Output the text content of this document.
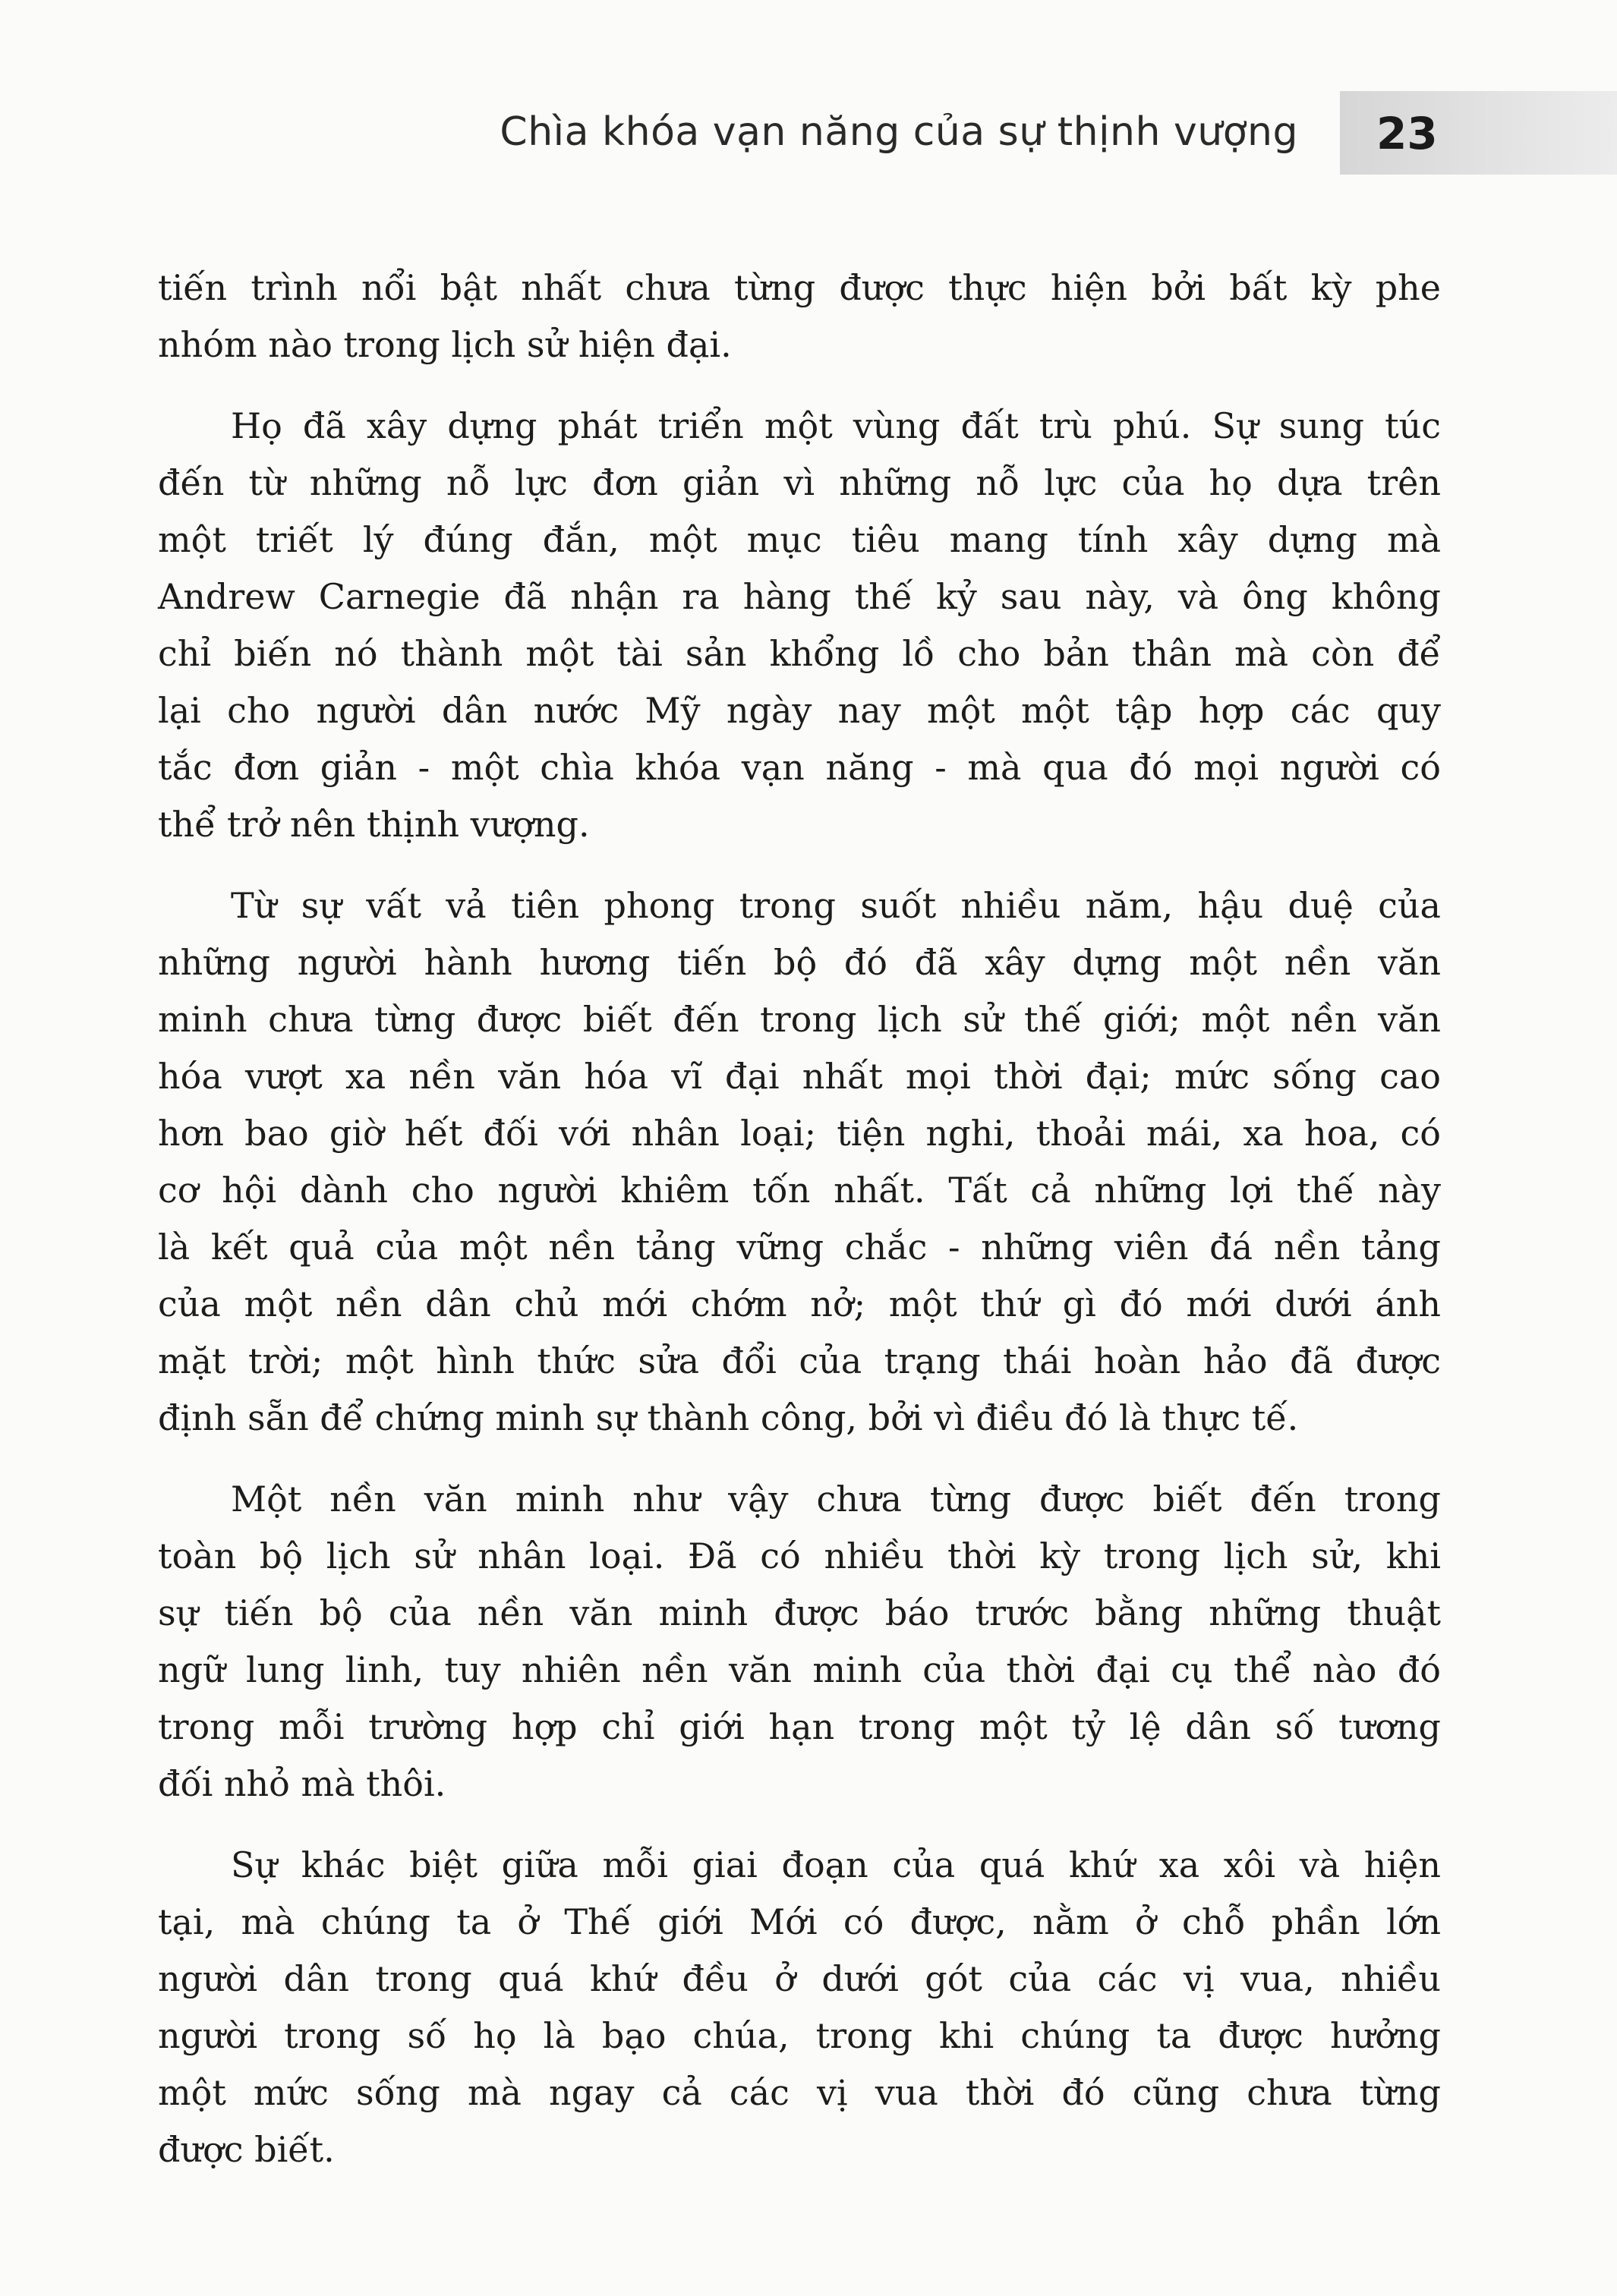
Chìa khóa vạn năng của sự thịnh vượng 23

tiến trình nổi bật nhất chưa từng được thực hiện bởi bất kỳ phe
nhóm nào trong lịch sử hiện đại.

Họ đã xây dựng phát triển một vùng đất trù phú. Sự sung túc
đến từ những nỗ lực đơn giản vì những nỗ lực của họ dựa trên
một triết lý đúng đắn, một mục tiêu mang tính xây dựng mà
Andrew Carnegie đã nhận ra hàng thế kỷ sau này, và ông không
chỉ biến nó thành một tài sản khổng lồ cho bản thân mà còn để
lại cho người dân nước Mỹ ngày nay một một tập hợp các quy
tắc đơn giản - một chìa khóa vạn năng - mà qua đó mọi người có
thể trở nên thịnh vượng.

Từ sự vất vả tiên phong trong suốt nhiều năm, hậu duệ của
những người hành hương tiến bộ đó đã xây dựng một nền văn
minh chưa từng được biết đến trong lịch sử thế giới; một nền văn
hóa vượt xa nền văn hóa vĩ đại nhất mọi thời đại; mức sống cao
hơn bao giờ hết đối với nhân loại; tiện nghi, thoải mái, xa hoa, có
cơ hội dành cho người khiêm tốn nhất. Tất cả những lợi thế này
là kết quả của một nền tảng vững chắc - những viên đá nền tảng
của một nền dân chủ mới chớm nở; một thứ gì đó mới dưới ánh
mặt trời; một hình thức sửa đổi của trạng thái hoàn hảo đã được
định sẵn để chứng minh sự thành công, bởi vì điều đó là thực tế.

Một nền văn minh như vậy chưa từng được biết đến trong
toàn bộ lịch sử nhân loại. Đã có nhiều thời kỳ trong lịch sử, khi
sự tiến bộ của nền văn minh được báo trước bằng những thuật
ngữ lung linh, tuy nhiên nền văn minh của thời đại cụ thể nào đó
trong mỗi trường hợp chỉ giới hạn trong một tỷ lệ dân số tương
đối nhỏ mà thôi.

Sự khác biệt giữa mỗi giai đoạn của quá khứ xa xôi và hiện
tại, mà chúng ta ở Thế giới Mới có được, nằm ở chỗ phần lớn
người dân trong quá khứ đều ở dưới gót của các vị vua, nhiều
người trong số họ là bạo chúa, trong khi chúng ta được hưởng
một mức sống mà ngay cả các vị vua thời đó cũng chưa từng
được biết.
